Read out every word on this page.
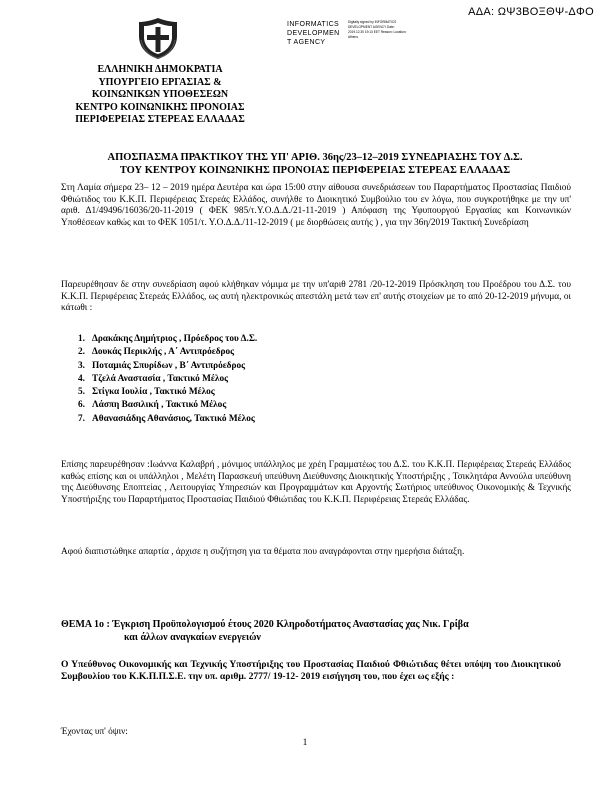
ΑΔΑ: ΩΨ3ΒΟΞΘΨ-ΔΦΟ
INFORMATICS
DEVELOPMEN
T AGENCY
Digitally signed by INFORMATICS DEVELOPMENT AGENCY Date: 2019.12.30 19:13 EET Reason: Location: Athens
ΕΛΛΗΝΙΚΗ ΔΗΜΟΚΡΑΤΙΑ
ΥΠΟΥΡΓΕΙΟ ΕΡΓΑΣΙΑΣ &
ΚΟΙΝΩΝΙΚΩΝ ΥΠΟΘΕΣΕΩΝ
ΚΕΝΤΡΟ ΚΟΙΝΩΝΙΚΗΣ ΠΡΟΝΟΙΑΣ
ΠΕΡΙΦΕΡΕΙΑΣ ΣΤΕΡΕΑΣ ΕΛΛΑΔΑΣ
ΑΠΟΣΠΑΣΜΑ ΠΡΑΚΤΙΚΟΥ ΤΗΣ ΥΠ' ΑΡΙΘ. 36ης/23–12–2019 ΣΥΝΕΔΡΙΑΣΗΣ ΤΟΥ Δ.Σ.
ΤΟΥ ΚΕΝΤΡΟΥ ΚΟΙΝΩΝΙΚΗΣ ΠΡΟΝΟΙΑΣ ΠΕΡΙΦΕΡΕΙΑΣ ΣΤΕΡΕΑΣ ΕΛΛΑΔΑΣ
Στη Λαμία σήμερα 23– 12 – 2019 ημέρα Δευτέρα και ώρα 15:00 στην αίθουσα συνεδριάσεων του Παραρτήματος Προστασίας Παιδιού Φθιώτιδος του Κ.Κ.Π. Περιφέρειας Στερεάς Ελλάδος, συνήλθε το Διοικητικό Συμβούλιο του εν λόγω, που συγκροτήθηκε με την υπ' αριθ. Δ1/49496/16036/20-11-2019 ( ΦΕΚ 985/τ.Υ.Ο.Δ.Δ./21-11-2019 ) Απόφαση της Υφυπουργού Εργασίας και Κοινωνικών Υποθέσεων καθώς και το ΦΕΚ 1051/τ. Υ.Ο.Δ.Δ./11-12-2019 ( με διορθώσεις αυτής ) , για την 36η/2019 Τακτική Συνεδρίαση
Παρευρέθησαν δε στην συνεδρίαση αφού κλήθηκαν νόμιμα με την υπ'αριθ 2781 /20-12-2019 Πρόσκληση του Προέδρου του Δ.Σ. του Κ.Κ.Π. Περιφέρειας Στερεάς Ελλάδος, ως αυτή ηλεκτρονικώς απεστάλη μετά των επ' αυτής στοιχείων με το από 20-12-2019 μήνυμα, οι κάτωθι :
1. Δρακάκης Δημήτριος , Πρόεδρος του Δ.Σ.
2. Δουκάς Περικλής , Α΄ Αντιπρόεδρος
3. Ποταμιάς Σπυρίδων , Β΄ Αντιπρόεδρος
4. Τζελά Αναστασία , Τακτικό Μέλος
5. Στίγκα Ιουλία , Τακτικό Μέλος
6. Λάσπη Βασιλική , Τακτικό Μέλος
7. Αθανασιάδης Αθανάσιος, Τακτικό Μέλος
Επίσης παρευρέθησαν :Ιωάννα Καλαβρή , μόνιμος υπάλληλος με χρέη Γραμματέως του Δ.Σ. του Κ.Κ.Π. Περιφέρειας Στερεάς Ελλάδος καθώς επίσης και οι υπάλληλοι , Μελέτη Παρασκευή υπεύθυνη Διεύθυνσης Διοικητικής Υποστήριξης , Τσικλητάρα Αννούλα υπεύθυνη της Διεύθυνσης Εποπτείας , Λειτουργίας Υπηρεσιών και Προγραμμάτων και Αρχοντής Σωτήριος υπεύθυνος Οικονομικής & Τεχνικής Υποστήριξης του Παραρτήματος Προστασίας Παιδιού Φθιώτιδας του Κ.Κ.Π. Περιφέρειας Στερεάς Ελλάδας.
Αφού διαπιστώθηκε απαρτία , άρχισε η συζήτηση για τα θέματα που αναγράφονται στην ημερήσια διάταξη.
ΘΕΜΑ 1ο : Έγκριση Προϋπολογισμού έτους 2020 Κληροδοτήματος Αναστασίας χας Νικ. Γρίβα
και άλλων αναγκαίων ενεργειών
Ο Υπεύθυνος Οικονομικής και Τεχνικής Υποστήριξης του Προστασίας Παιδιού Φθιώτιδας θέτει υπόψη του Διοικητικού Συμβουλίου του Κ.Κ.Π.Π.Σ.Ε. την υπ. αριθμ. 2777/ 19-12- 2019 εισήγηση του, που έχει ως εξής :
Έχοντας υπ' όψιν:
1
